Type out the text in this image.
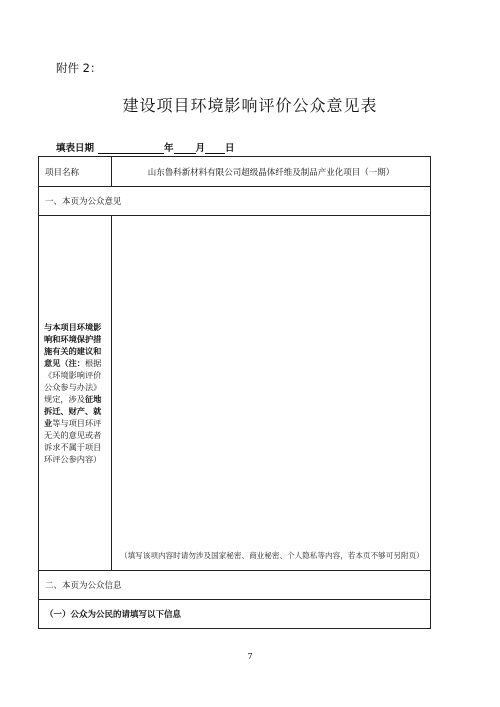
附件 2：
建设项目环境影响评价公众意见表
填表日期	年 月 日
项目名称	山东鲁科新材料有限公司超级晶体纤维及制品产业化项目（一期）
一、本页为公众意见	
与本项目环境影响和环境保护措施有关的建议和意见（注：根据《环境影响评价公众参与办法》规定，涉及征地拆迁、财产、就业等与项目环评无关的意见或者诉求不属于项目环评公参内容）	（填写该项内容时请勿涉及国家秘密、商业秘密、个人隐私等内容，若本页不够可另附页）

二、本页为公众信息	
（一）公众为公民的请填写以下信息	
7
